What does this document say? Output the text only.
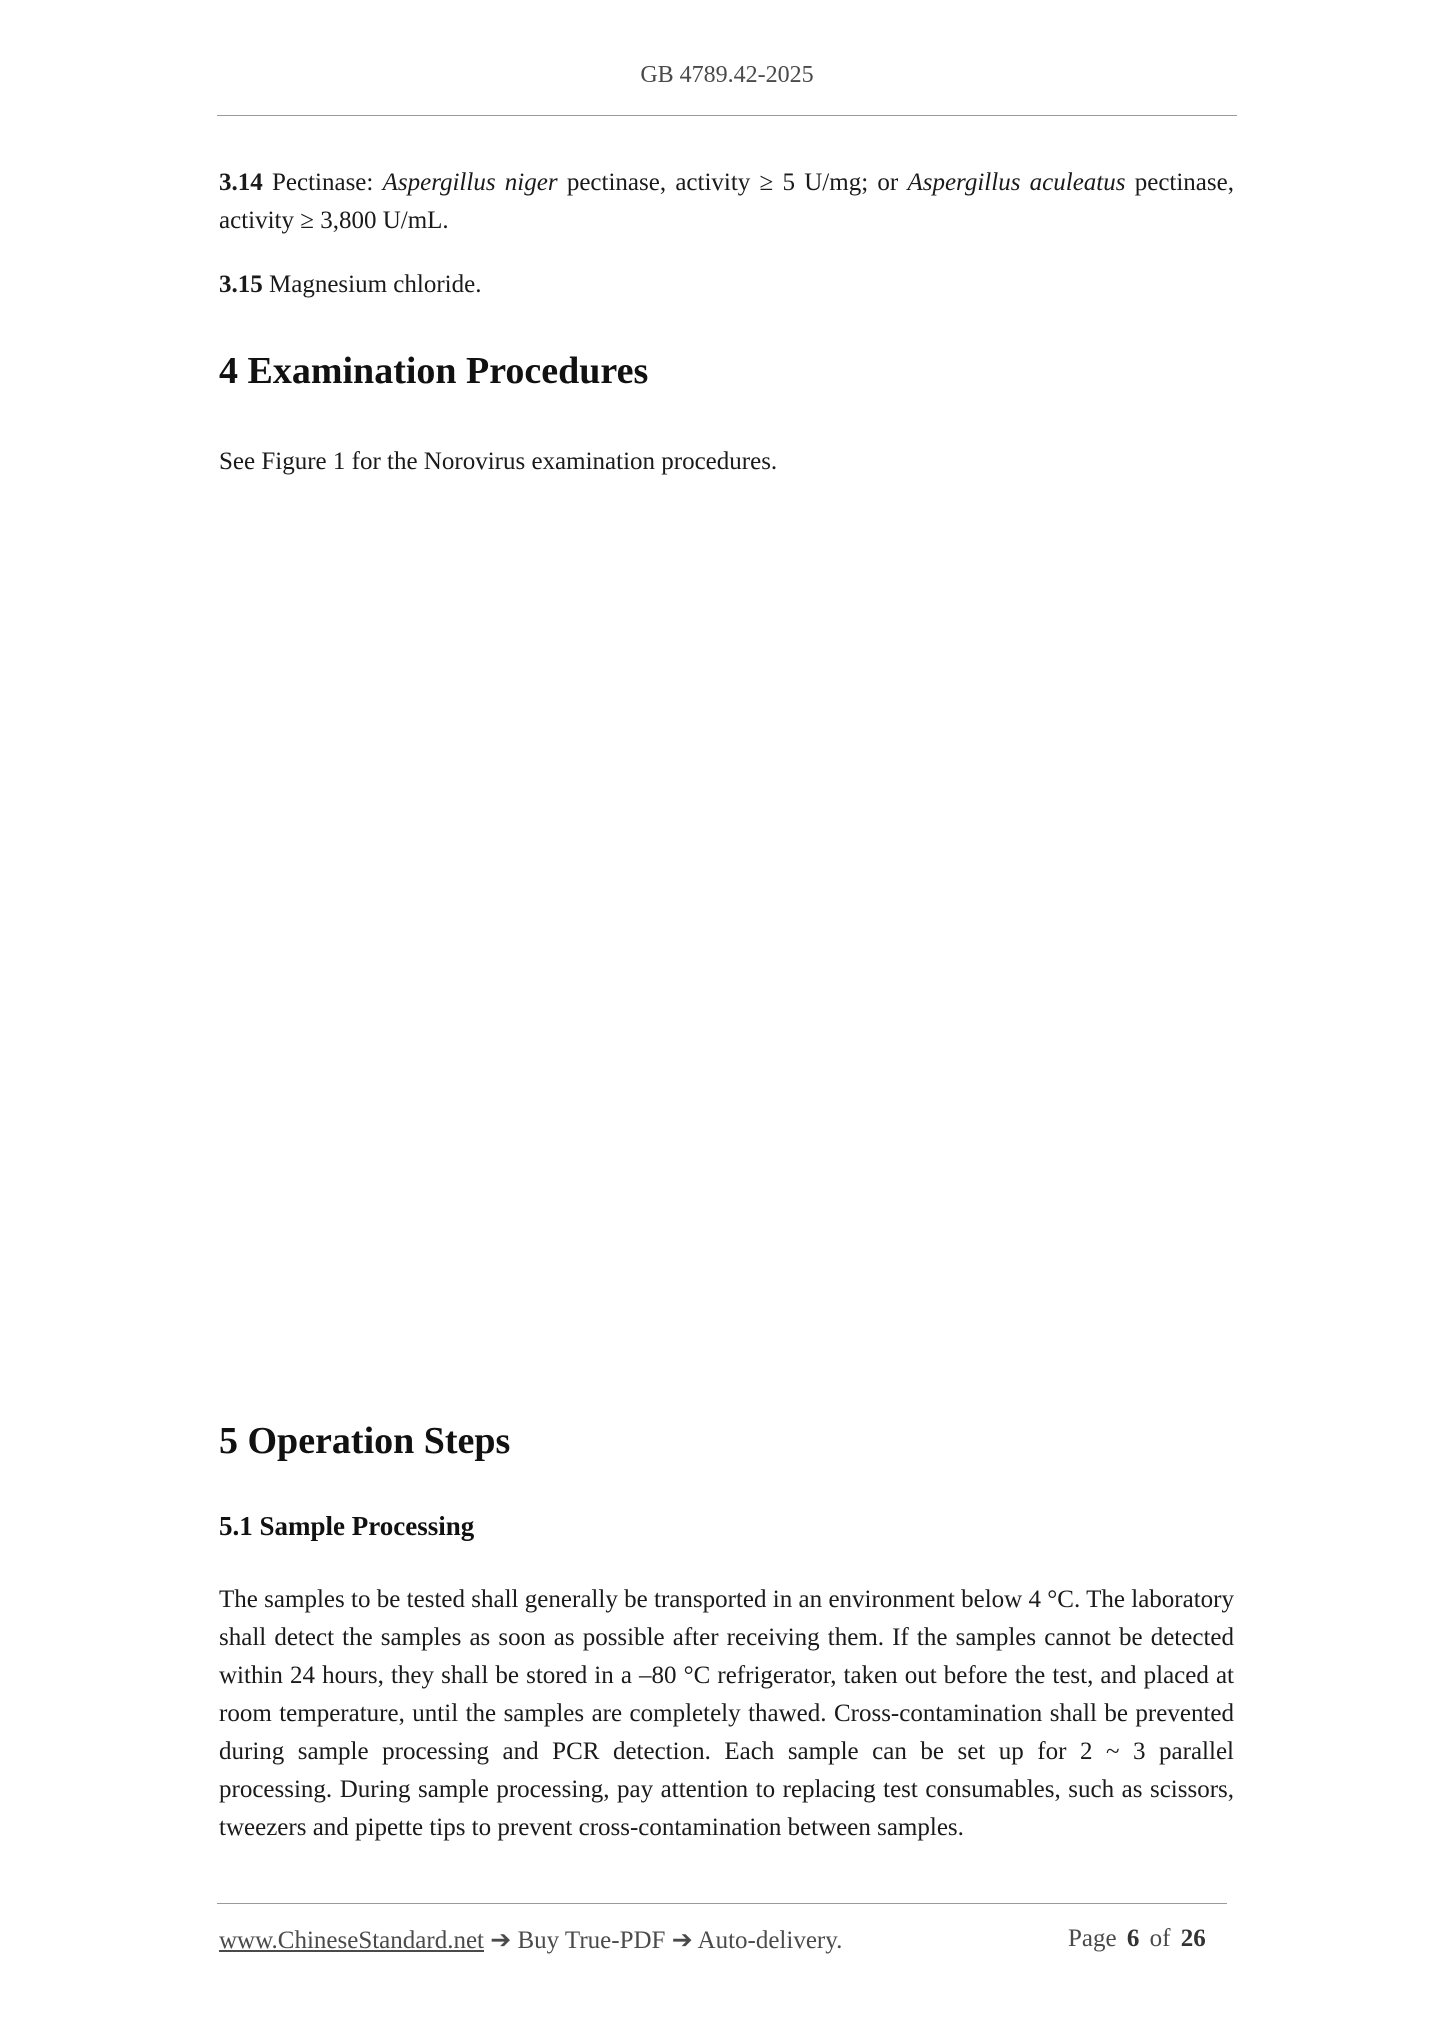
GB 4789.42-2025

3.14 Pectinase: Aspergillus niger pectinase, activity ≥ 5 U/mg; or Aspergillus aculeatus pectinase, activity ≥ 3,800 U/mL.

3.15 Magnesium chloride.

4 Examination Procedures

See Figure 1 for the Norovirus examination procedures.

5 Operation Steps
5.1 Sample Processing

The samples to be tested shall generally be transported in an environment below 4 °C. The laboratory shall detect the samples as soon as possible after receiving them. If the samples cannot be detected within 24 hours, they shall be stored in a –80 °C refrigerator, taken out before the test, and placed at room temperature, until the samples are completely thawed. Cross-contamination shall be prevented during sample processing and PCR detection. Each sample can be set up for 2 ~ 3 parallel processing. During sample processing, pay attention to replacing test consumables, such as scissors, tweezers and pipette tips to prevent cross-contamination between samples.

www.ChineseStandard.net ➔ Buy True-PDF ➔ Auto-delivery.	Page 6 of 26
